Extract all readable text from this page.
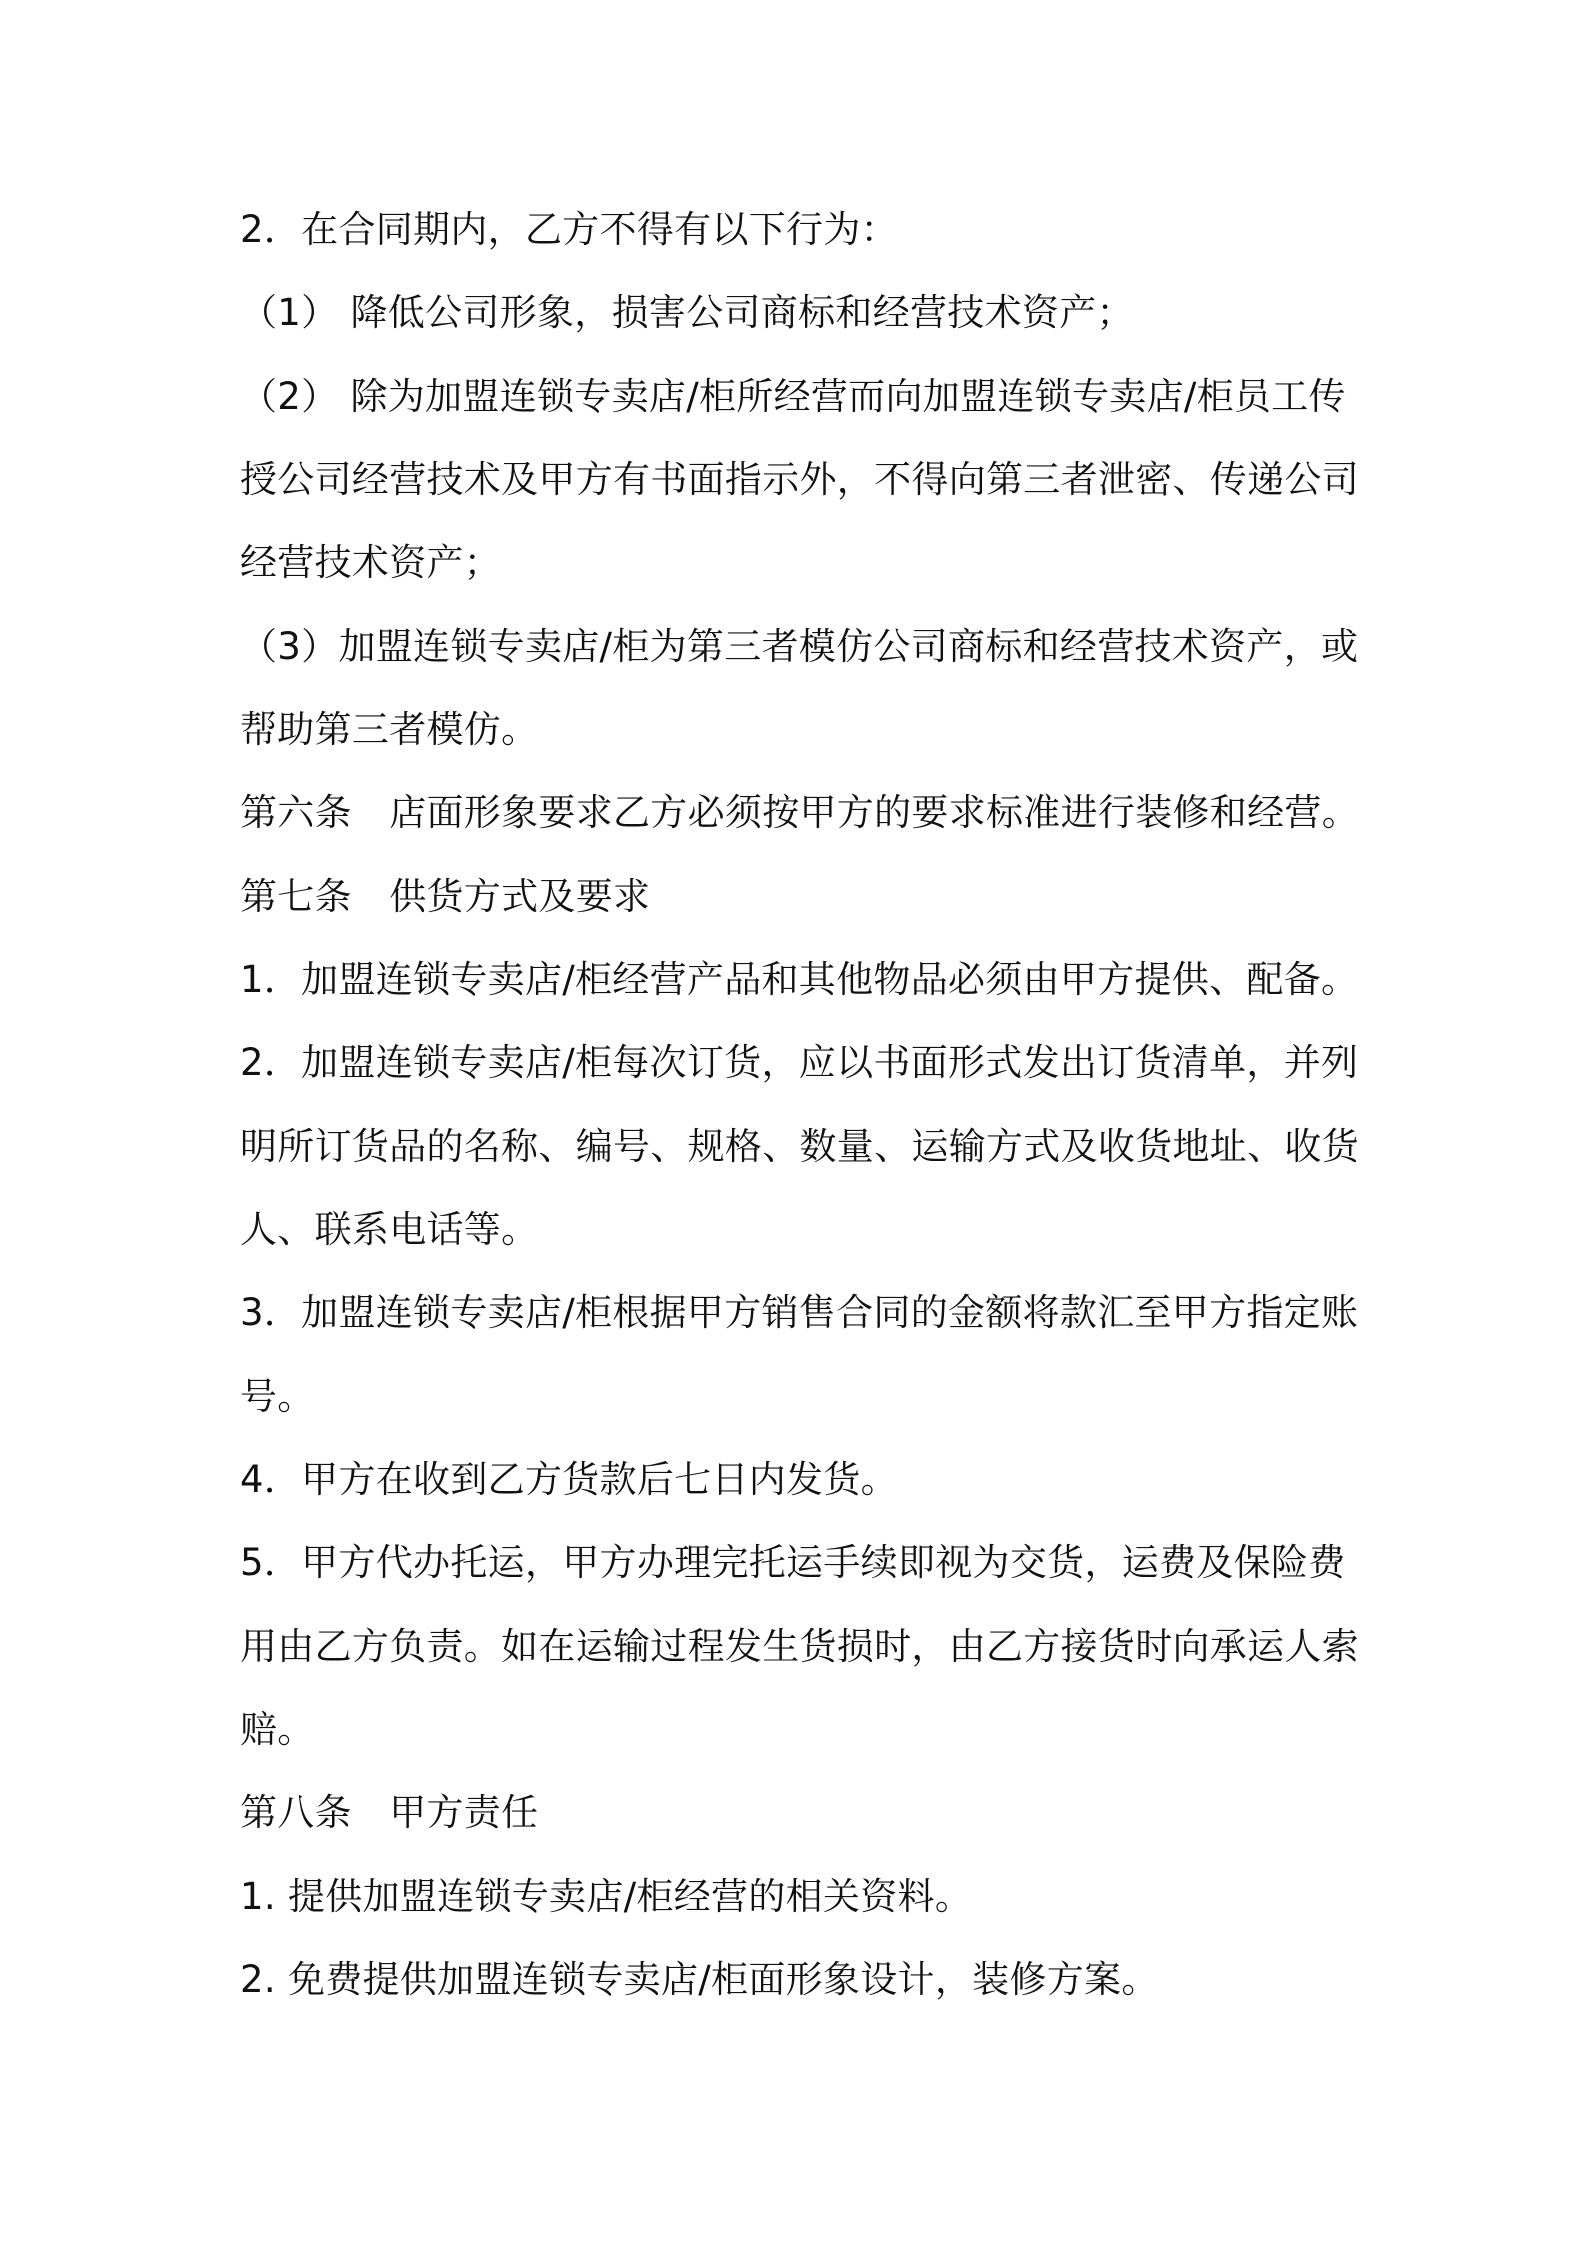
2．在合同期内，乙方不得有以下行为：
（1） 降低公司形象，损害公司商标和经营技术资产；
（2） 除为加盟连锁专卖店/柜所经营而向加盟连锁专卖店/柜员工传
授公司经营技术及甲方有书面指示外，不得向第三者泄密、传递公司
经营技术资产；
（3）加盟连锁专卖店/柜为第三者模仿公司商标和经营技术资产，或
帮助第三者模仿。
第六条　店面形象要求乙方必须按甲方的要求标准进行装修和经营。
第七条　供货方式及要求
1．加盟连锁专卖店/柜经营产品和其他物品必须由甲方提供、配备。
2．加盟连锁专卖店/柜每次订货，应以书面形式发出订货清单，并列
明所订货品的名称、编号、规格、数量、运输方式及收货地址、收货
人、联系电话等。
3．加盟连锁专卖店/柜根据甲方销售合同的金额将款汇至甲方指定账
号。
4．甲方在收到乙方货款后七日内发货。
5．甲方代办托运，甲方办理完托运手续即视为交货，运费及保险费
用由乙方负责。如在运输过程发生货损时，由乙方接货时向承运人索
赔。
第八条　甲方责任
1. 提供加盟连锁专卖店/柜经营的相关资料。
2. 免费提供加盟连锁专卖店/柜面形象设计，装修方案。
